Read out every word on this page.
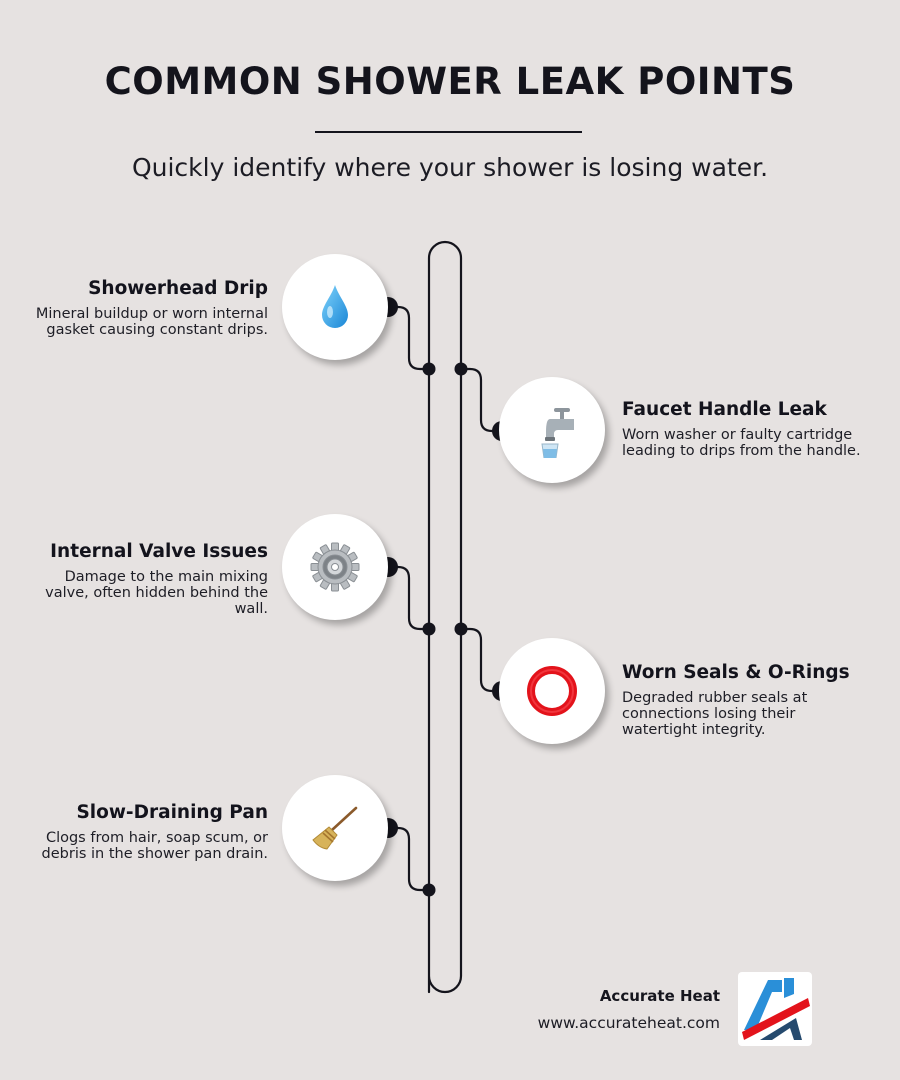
COMMON SHOWER LEAK POINTS
Quickly identify where your shower is losing water.
Showerhead Drip
Mineral buildup or worn internal gasket causing constant drips.
Faucet Handle Leak
Worn washer or faulty cartridge leading to drips from the handle.
Internal Valve Issues
Damage to the main mixing valve, often hidden behind the wall.
Worn Seals & O-Rings
Degraded rubber seals at connections losing their watertight integrity.
Slow-Draining Pan
Clogs from hair, soap scum, or debris in the shower pan drain.
Accurate Heat
www.accurateheat.com
